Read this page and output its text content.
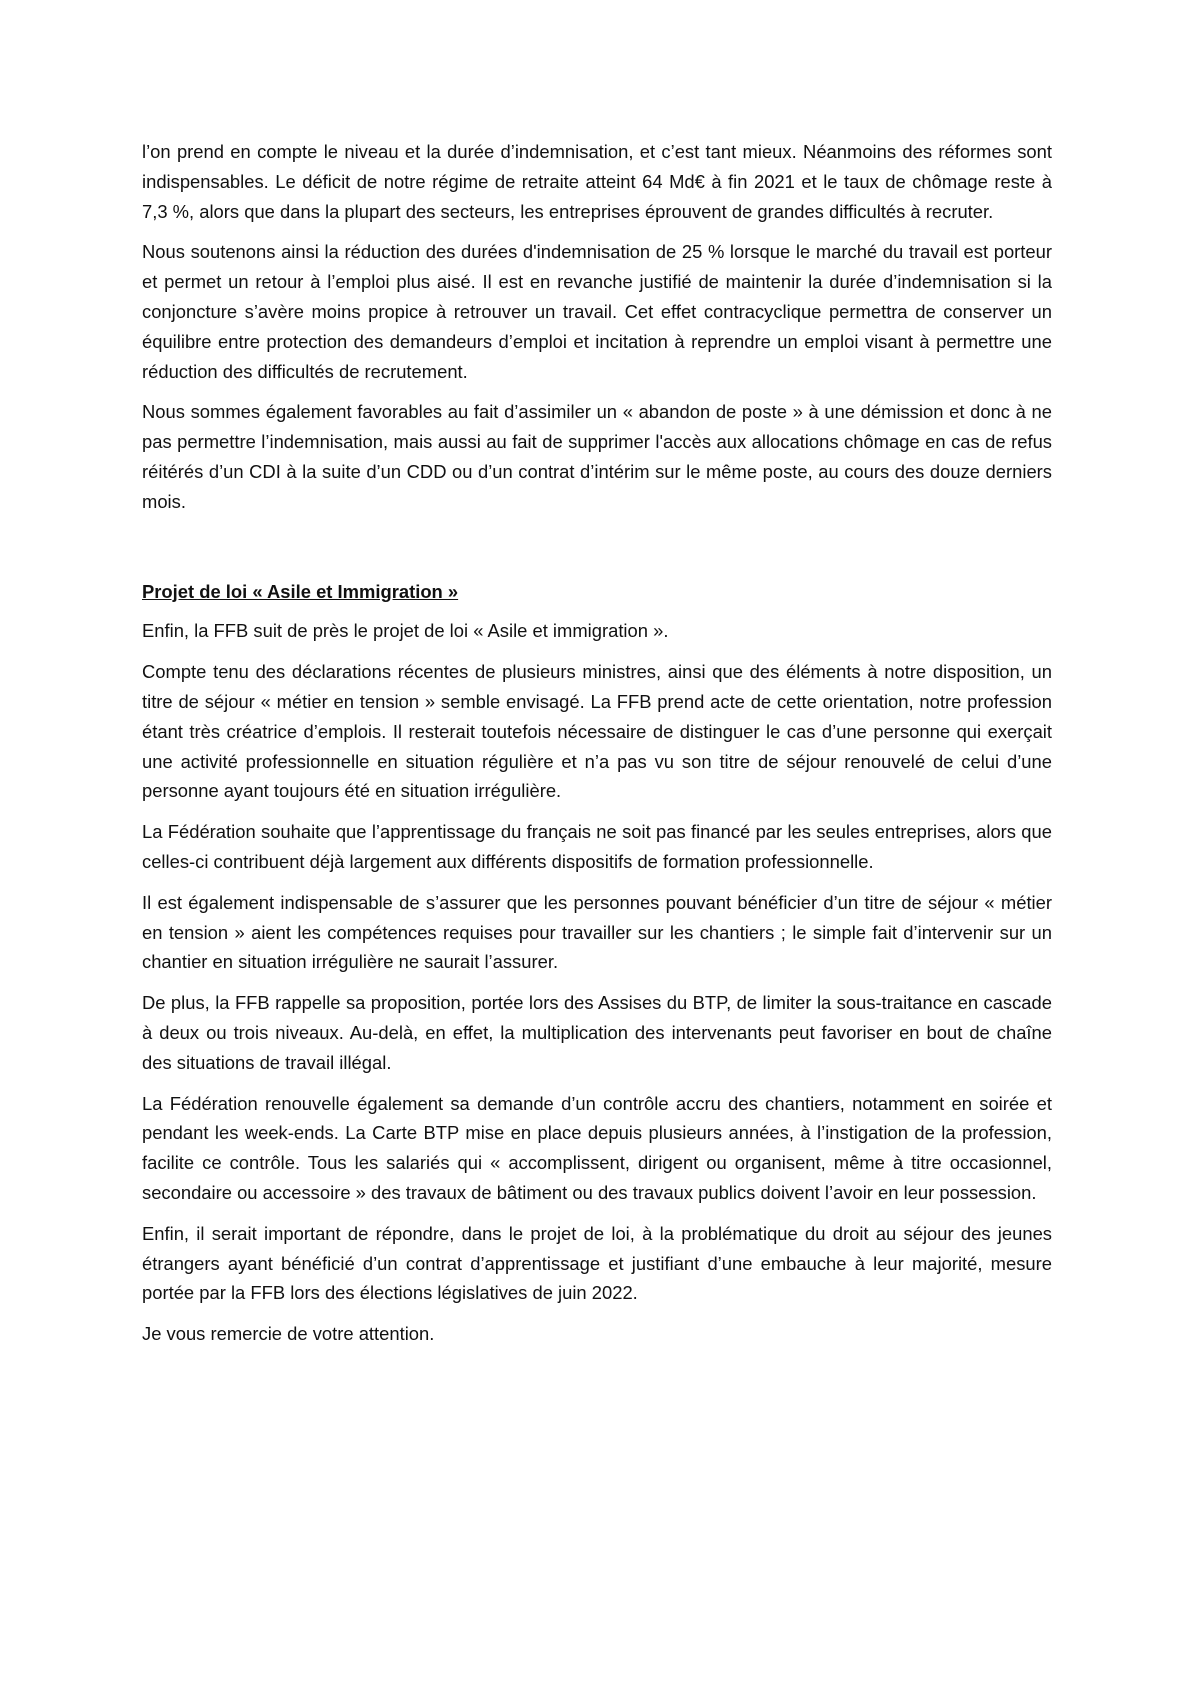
l’on prend en compte le niveau et la durée d’indemnisation, et c’est tant mieux. Néanmoins des réformes sont indispensables. Le déficit de notre régime de retraite atteint 64 Md€ à fin 2021 et le taux de chômage reste à 7,3 %, alors que dans la plupart des secteurs, les entreprises éprouvent de grandes difficultés à recruter.

Nous soutenons ainsi la réduction des durées d'indemnisation de 25 % lorsque le marché du travail est porteur et permet un retour à l’emploi plus aisé. Il est en revanche justifié de maintenir la durée d’indemnisation si la conjoncture s’avère moins propice à retrouver un travail. Cet effet contracyclique permettra de conserver un équilibre entre protection des demandeurs d’emploi et incitation à reprendre un emploi visant à permettre une réduction des difficultés de recrutement.

Nous sommes également favorables au fait d’assimiler un « abandon de poste » à une démission et donc à ne pas permettre l’indemnisation, mais aussi au fait de supprimer l'accès aux allocations chômage en cas de refus réitérés d’un CDI à la suite d’un CDD ou d’un contrat d’intérim sur le même poste, au cours des douze derniers mois.

Projet de loi « Asile et Immigration »

Enfin, la FFB suit de près le projet de loi « Asile et immigration ».

Compte tenu des déclarations récentes de plusieurs ministres, ainsi que des éléments à notre disposition, un titre de séjour « métier en tension » semble envisagé. La FFB prend acte de cette orientation, notre profession étant très créatrice d’emplois. Il resterait toutefois nécessaire de distinguer le cas d’une personne qui exerçait une activité professionnelle en situation régulière et n’a pas vu son titre de séjour renouvelé de celui d’une personne ayant toujours été en situation irrégulière.

La Fédération souhaite que l’apprentissage du français ne soit pas financé par les seules entreprises, alors que celles-ci contribuent déjà largement aux différents dispositifs de formation professionnelle.

Il est également indispensable de s’assurer que les personnes pouvant bénéficier d’un titre de séjour « métier en tension » aient les compétences requises pour travailler sur les chantiers ; le simple fait d’intervenir sur un chantier en situation irrégulière ne saurait l’assurer.

De plus, la FFB rappelle sa proposition, portée lors des Assises du BTP, de limiter la sous-traitance en cascade à deux ou trois niveaux. Au-delà, en effet, la multiplication des intervenants peut favoriser en bout de chaîne des situations de travail illégal.

La Fédération renouvelle également sa demande d’un contrôle accru des chantiers, notamment en soirée et pendant les week-ends. La Carte BTP mise en place depuis plusieurs années, à l’instigation de la profession, facilite ce contrôle. Tous les salariés qui « accomplissent, dirigent ou organisent, même à titre occasionnel, secondaire ou accessoire » des travaux de bâtiment ou des travaux publics doivent l’avoir en leur possession.

Enfin, il serait important de répondre, dans le projet de loi, à la problématique du droit au séjour des jeunes étrangers ayant bénéficié d’un contrat d’apprentissage et justifiant d’une embauche à leur majorité, mesure portée par la FFB lors des élections législatives de juin 2022.

Je vous remercie de votre attention.
